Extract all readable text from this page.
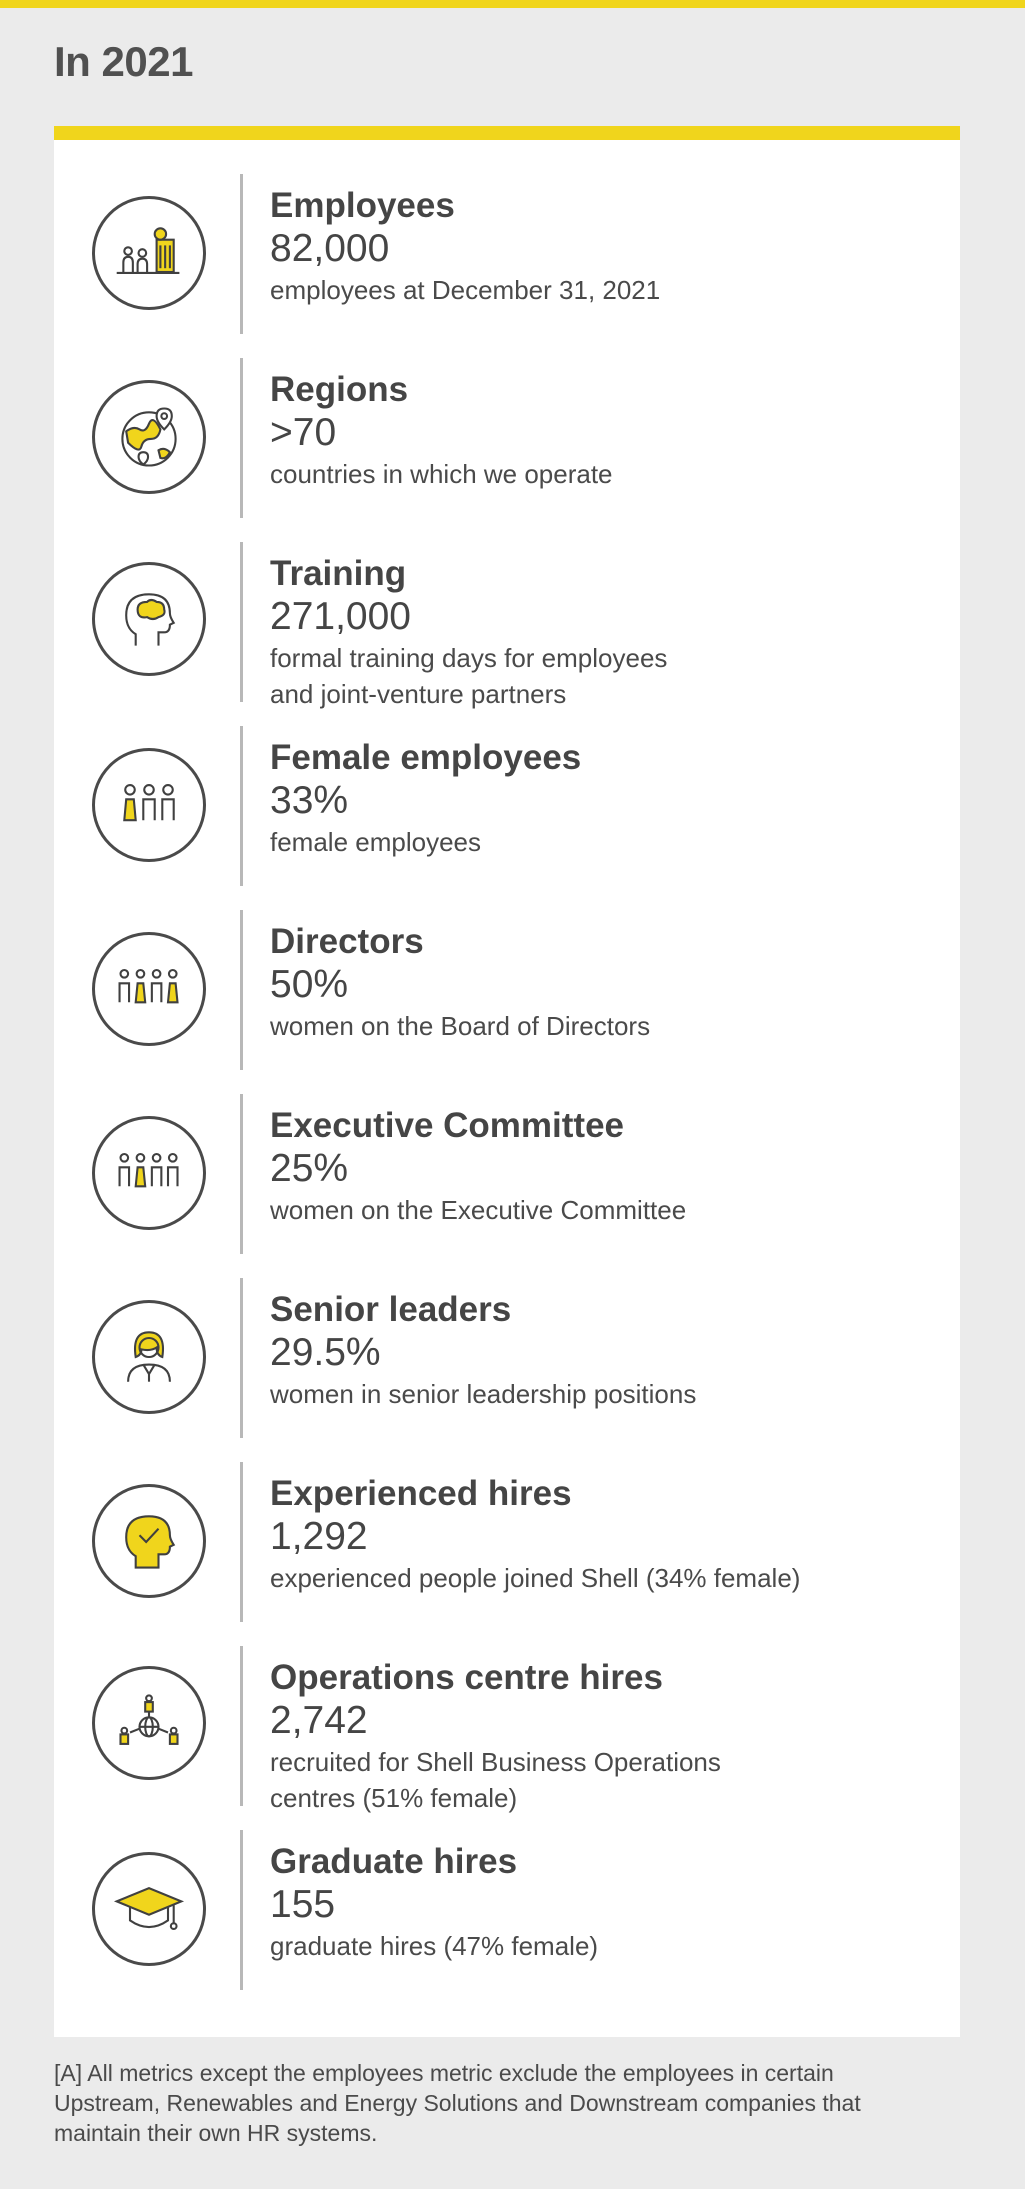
In 2021
Employees
82,000
employees at December 31, 2021
Regions
>70
countries in which we operate
Training
271,000
formal training days for employees
and joint-venture partners
Female employees
33%
female employees
Directors
50%
women on the Board of Directors
Executive Committee
25%
women on the Executive Committee
Senior leaders
29.5%
women in senior leadership positions
Experienced hires
1,292
experienced people joined Shell (34% female)
Operations centre hires
2,742
recruited for Shell Business Operations
centres (51% female)
Graduate hires
155
graduate hires (47% female)

[A] All metrics except the employees metric exclude the employees in certain
Upstream, Renewables and Energy Solutions and Downstream companies that
maintain their own HR systems.
